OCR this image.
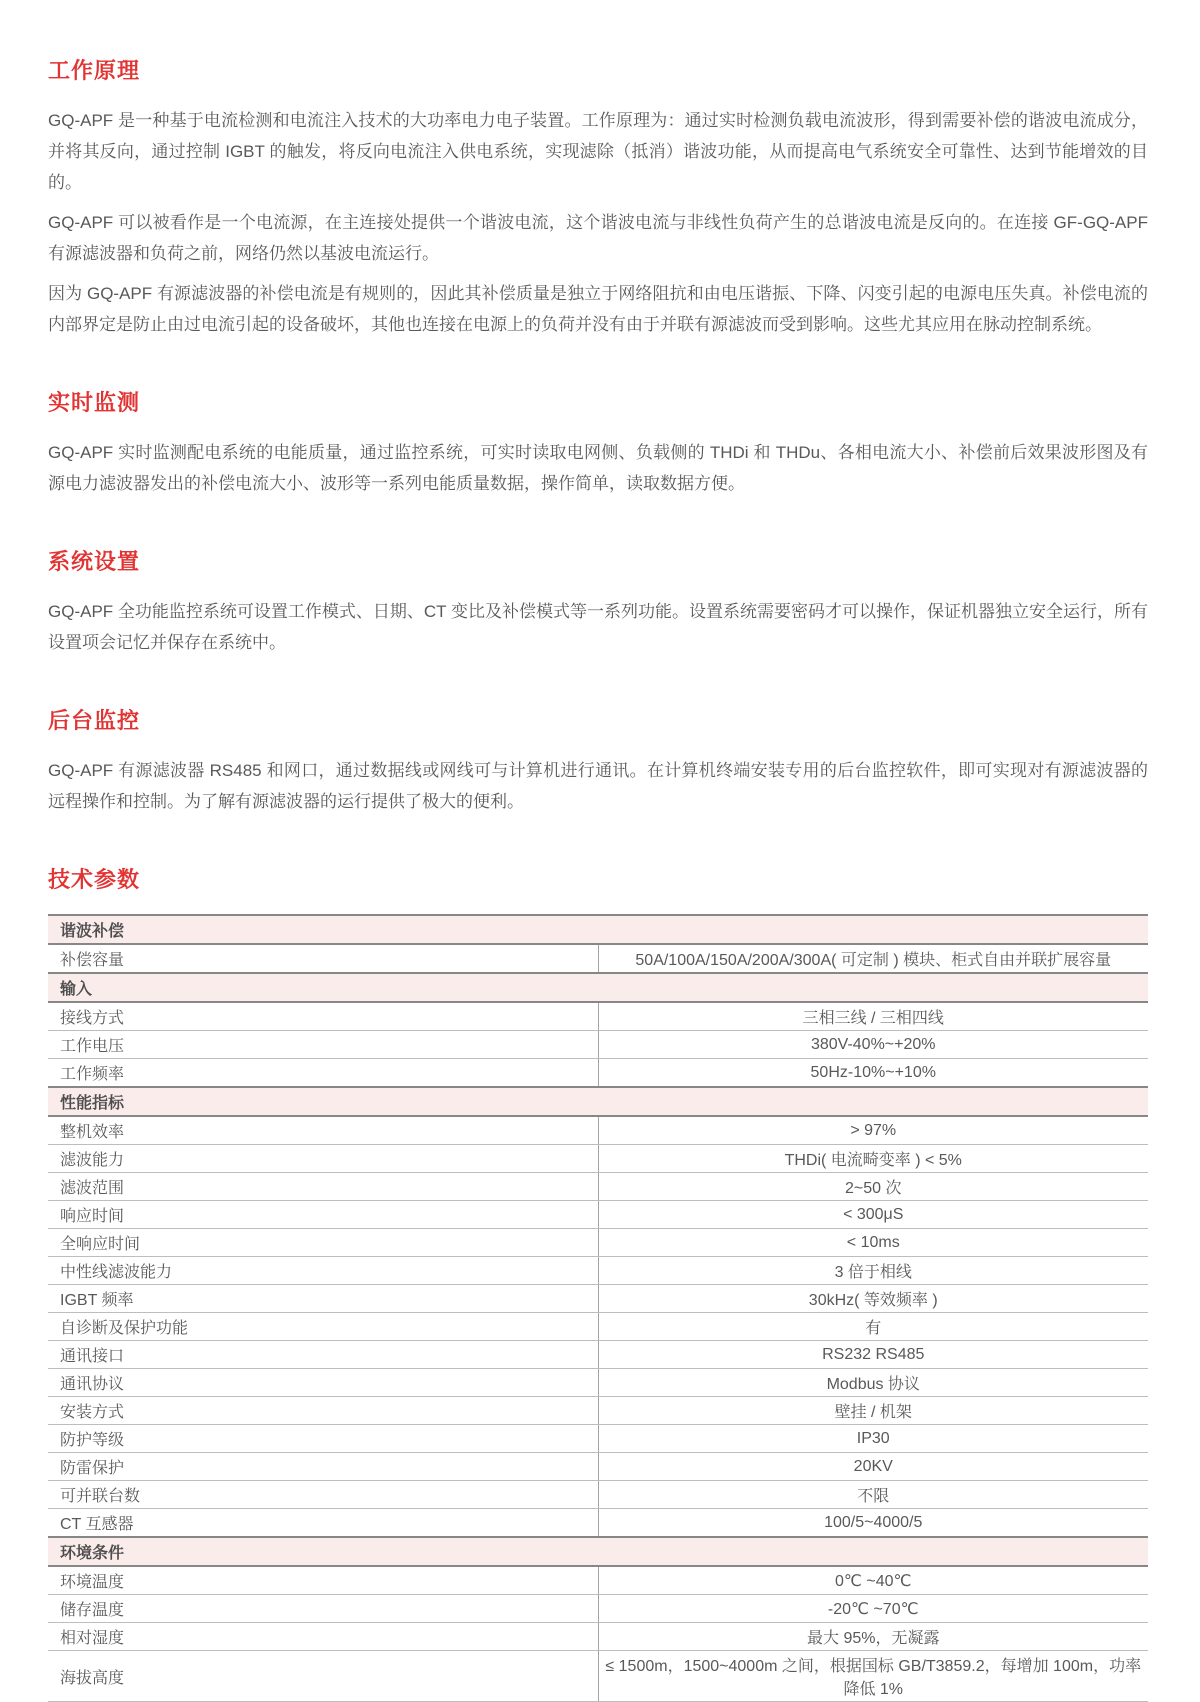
工作原理

GQ-APF 是一种基于电流检测和电流注入技术的大功率电力电子装置。工作原理为：通过实时检测负载电流波形，得到需要补偿的谐波电流成分，并将其反向，通过控制 IGBT 的触发，将反向电流注入供电系统，实现滤除（抵消）谐波功能，从而提高电气系统安全可靠性、达到节能增效的目的。

GQ-APF 可以被看作是一个电流源，在主连接处提供一个谐波电流，这个谐波电流与非线性负荷产生的总谐波电流是反向的。在连接 GF-GQ-APF 有源滤波器和负荷之前，网络仍然以基波电流运行。

因为 GQ-APF 有源滤波器的补偿电流是有规则的，因此其补偿质量是独立于网络阻抗和由电压谐振、下降、闪变引起的电源电压失真。补偿电流的内部界定是防止由过电流引起的设备破坏，其他也连接在电源上的负荷并没有由于并联有源滤波而受到影响。这些尤其应用在脉动控制系统。

实时监测

GQ-APF 实时监测配电系统的电能质量，通过监控系统，可实时读取电网侧、负载侧的 THDi 和 THDu、各相电流大小、补偿前后效果波形图及有源电力滤波器发出的补偿电流大小、波形等一系列电能质量数据，操作简单，读取数据方便。

系统设置

GQ-APF 全功能监控系统可设置工作模式、日期、CT 变比及补偿模式等一系列功能。设置系统需要密码才可以操作，保证机器独立安全运行，所有设置项会记忆并保存在系统中。

后台监控

GQ-APF 有源滤波器 RS485 和网口，通过数据线或网线可与计算机进行通讯。在计算机终端安装专用的后台监控软件，即可实现对有源滤波器的远程操作和控制。为了解有源滤波器的运行提供了极大的便利。

技术参数
谐波补偿	
补偿容量	50A/100A/150A/200A/300A( 可定制 ) 模块、柜式自由并联扩展容量
输入	
接线方式	三相三线 / 三相四线
工作电压	380V-40%~+20%
工作频率	50Hz-10%~+10%
性能指标	
整机效率	> 97%
滤波能力	THDi( 电流畸变率 ) < 5%
滤波范围	2~50 次
响应时间	< 300μS
全响应时间	< 10ms
中性线滤波能力	3 倍于相线
IGBT 频率	30kHz( 等效频率 )
自诊断及保护功能	有
通讯接口	RS232 RS485
通讯协议	Modbus 协议
安装方式	壁挂 / 机架
防护等级	IP30
防雷保护	20KV
可并联台数	不限
CT 互感器	100/5~4000/5
环境条件	
环境温度	0℃ ~40℃
储存温度	-20℃ ~70℃
相对湿度	最大 95%，无凝露
海拔高度	≤ 1500m，1500~4000m 之间，根据国标 GB/T3859.2，每增加 100m，功率降低 1%
